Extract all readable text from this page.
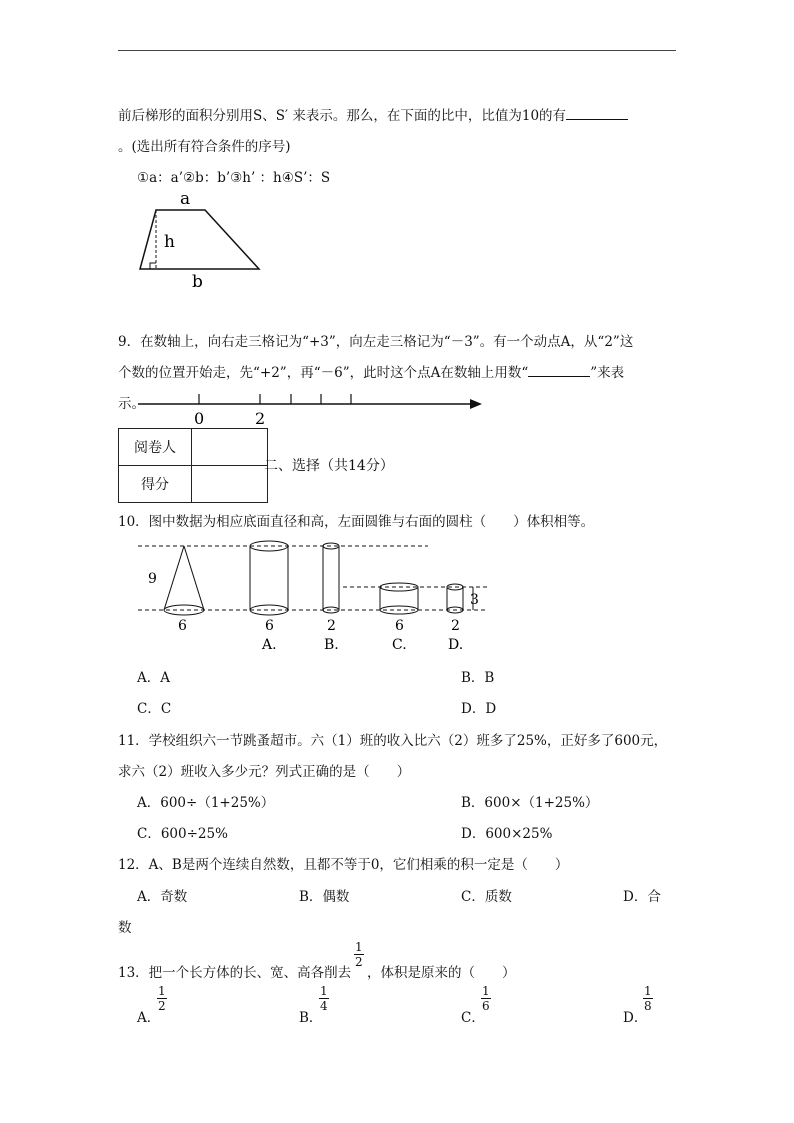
前后梯形的面积分别用S、S′ 来表示。那么，在下面的比中，比值为10的有
。(选出所有符合条件的序号)
①a：a’②b：b’③h’ ：h④S’：S
a
h
b
9．在数轴上，向右走三格记为“+3”，向左走三格记为“－3”。有一个动点A，从“2”这
个数的位置开始走，先“+2”，再“－6”，此时这个点A在数轴上用数“	”来表
示。
0	2
阅卷人	
得分	
二、选择（共14分）
10．图中数据为相应底面直径和高，左面圆锥与右面的圆柱（　　）体积相等。
9
6
3
6
A.
2
B.
6
C.
2
D.
A．A	B．B
C．C	D．D
11．学校组织六一节跳蚤超市。六（1）班的收入比六（2）班多了25%，正好多了600元，
求六（2）班收入多少元？列式正确的是（　　）
A．600÷（1+25%）	B．600×（1+25%）
C．600÷25%	D．600×25%
12．A、B是两个连续自然数，且都不等于0，它们相乘的积一定是（　　）
A．奇数	B．偶数	C．质数	D．合
数
13．把一个长方体的长、宽、高各削去
$\frac{1}{2}$
，体积是原来的（　　）
A．
$\frac{1}{2}$
B．
$\frac{1}{4}$
C．
$\frac{1}{6}$
D．
$\frac{1}{8}$
